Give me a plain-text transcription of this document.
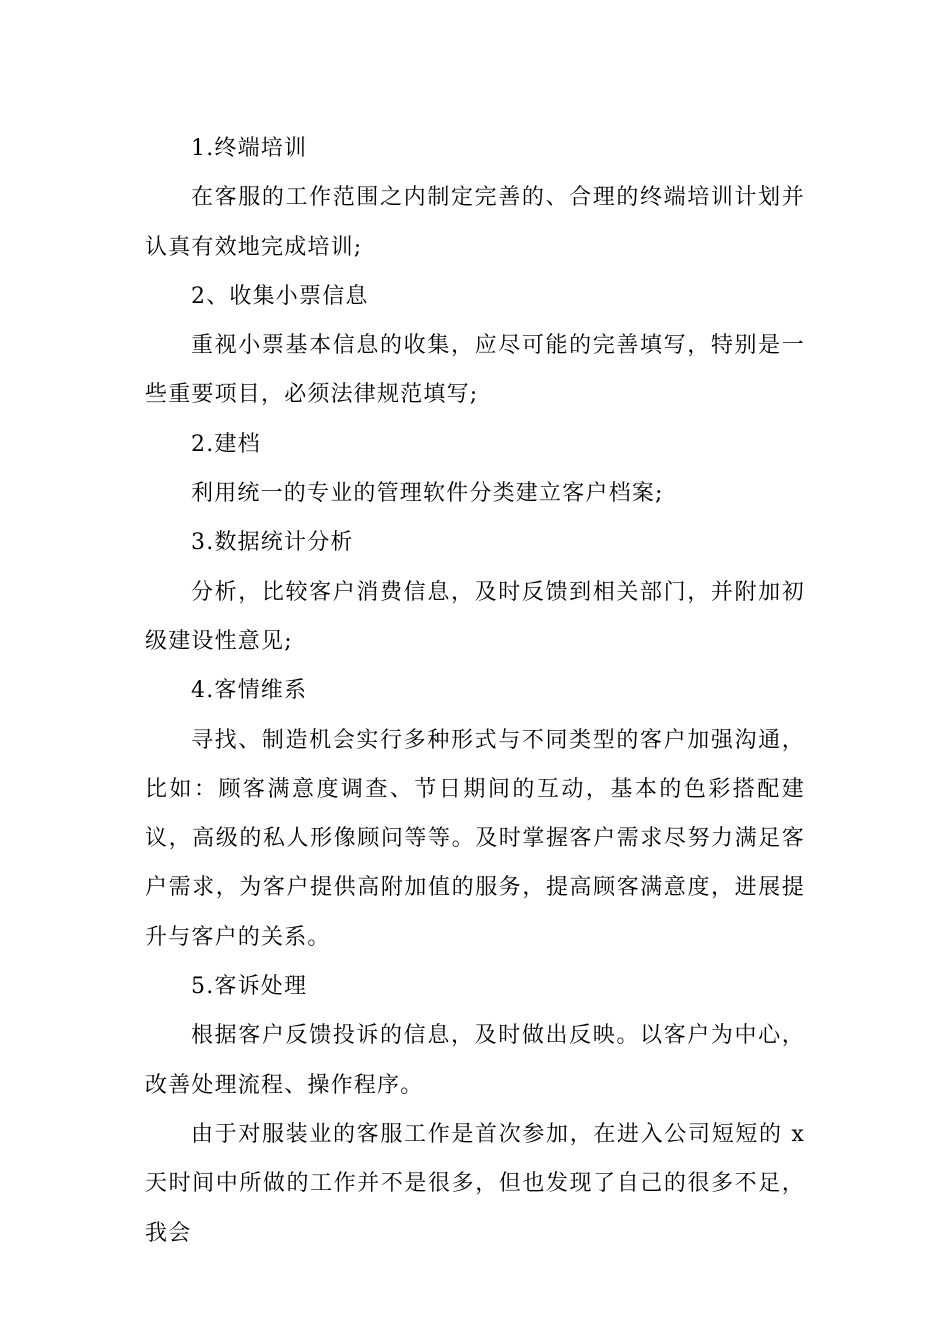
1.终端培训

在客服的工作范围之内制定完善的、合理的终端培训计划并认真有效地完成培训;

2、收集小票信息

重视小票基本信息的收集，应尽可能的完善填写，特别是一些重要项目，必须法律规范填写;

2.建档

利用统一的专业的管理软件分类建立客户档案;

3.数据统计分析

分析，比较客户消费信息，及时反馈到相关部门，并附加初级建设性意见;

4.客情维系

寻找、制造机会实行多种形式与不同类型的客户加强沟通，比如：顾客满意度调查、节日期间的互动，基本的色彩搭配建议，高级的私人形像顾问等等。及时掌握客户需求尽努力满足客户需求，为客户提供高附加值的服务，提高顾客满意度，进展提升与客户的关系。

5.客诉处理

根据客户反馈投诉的信息，及时做出反映。以客户为中心，改善处理流程、操作程序。

由于对服装业的客服工作是首次参加，在进入公司短短的 x 天时间中所做的工作并不是很多，但也发现了自己的很多不足，我会
